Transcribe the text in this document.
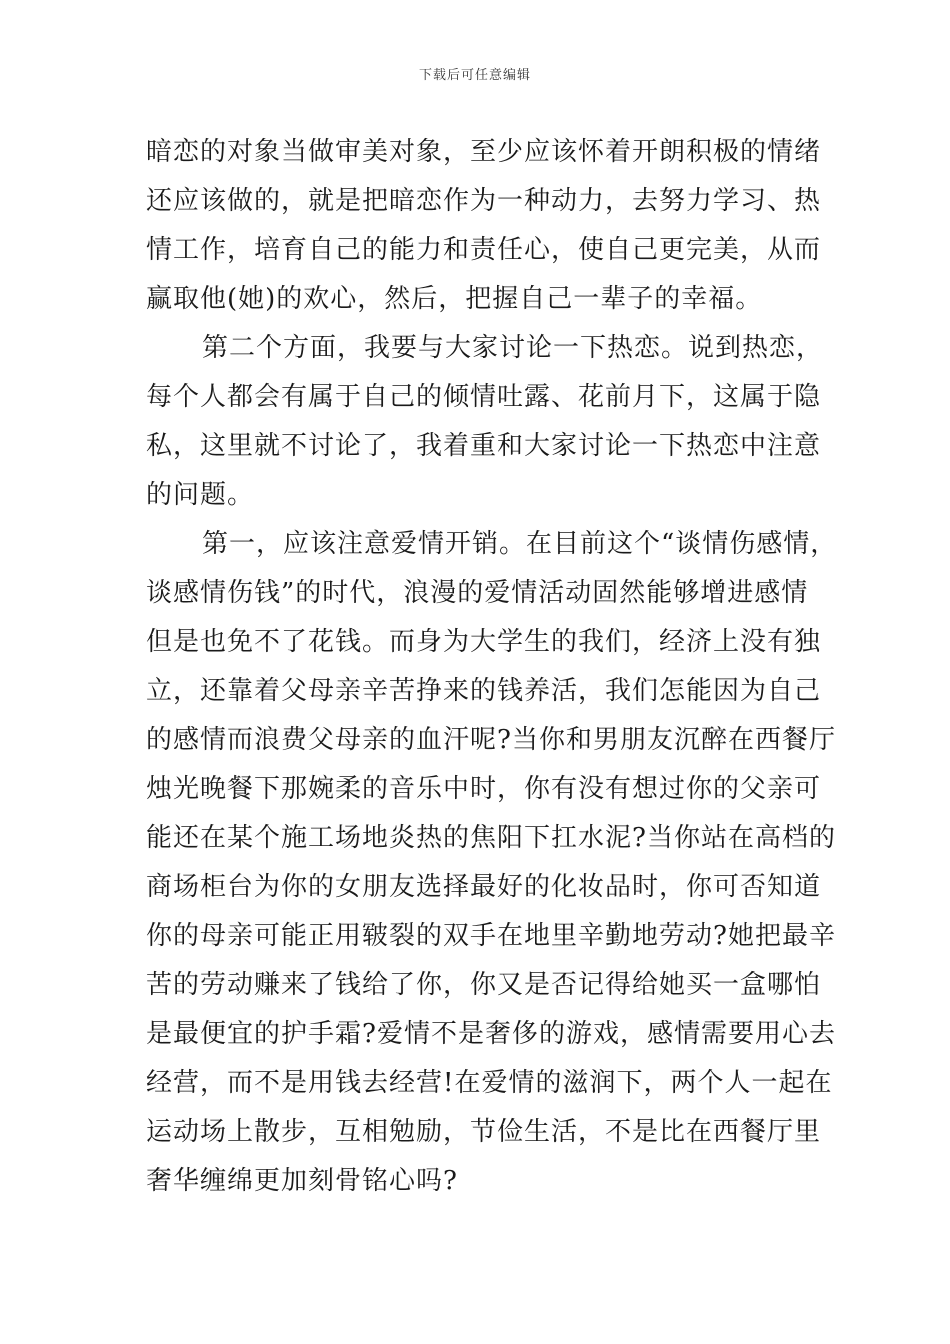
下载后可任意编辑
暗恋的对象当做审美对象，至少应该怀着开朗积极的情绪
还应该做的，就是把暗恋作为一种动力，去努力学习、热
情工作，培育自己的能力和责任心，使自己更完美，从而
赢取他(她)的欢心，然后，把握自己一辈子的幸福。
第二个方面，我要与大家讨论一下热恋。说到热恋，
每个人都会有属于自己的倾情吐露、花前月下，这属于隐
私，这里就不讨论了，我着重和大家讨论一下热恋中注意
的问题。
第一，应该注意爱情开销。在目前这个“谈情伤感情，
谈感情伤钱”的时代，浪漫的爱情活动固然能够增进感情
但是也免不了花钱。而身为大学生的我们，经济上没有独
立，还靠着父母亲辛苦挣来的钱养活，我们怎能因为自己
的感情而浪费父母亲的血汗呢?当你和男朋友沉醉在西餐厅
烛光晚餐下那婉柔的音乐中时，你有没有想过你的父亲可
能还在某个施工场地炎热的焦阳下扛水泥?当你站在高档的
商场柜台为你的女朋友选择最好的化妆品时，你可否知道
你的母亲可能正用皲裂的双手在地里辛勤地劳动?她把最辛
苦的劳动赚来了钱给了你，你又是否记得给她买一盒哪怕
是最便宜的护手霜?爱情不是奢侈的游戏，感情需要用心去
经营，而不是用钱去经营!在爱情的滋润下，两个人一起在
运动场上散步，互相勉励，节俭生活，不是比在西餐厅里
奢华缠绵更加刻骨铭心吗?
